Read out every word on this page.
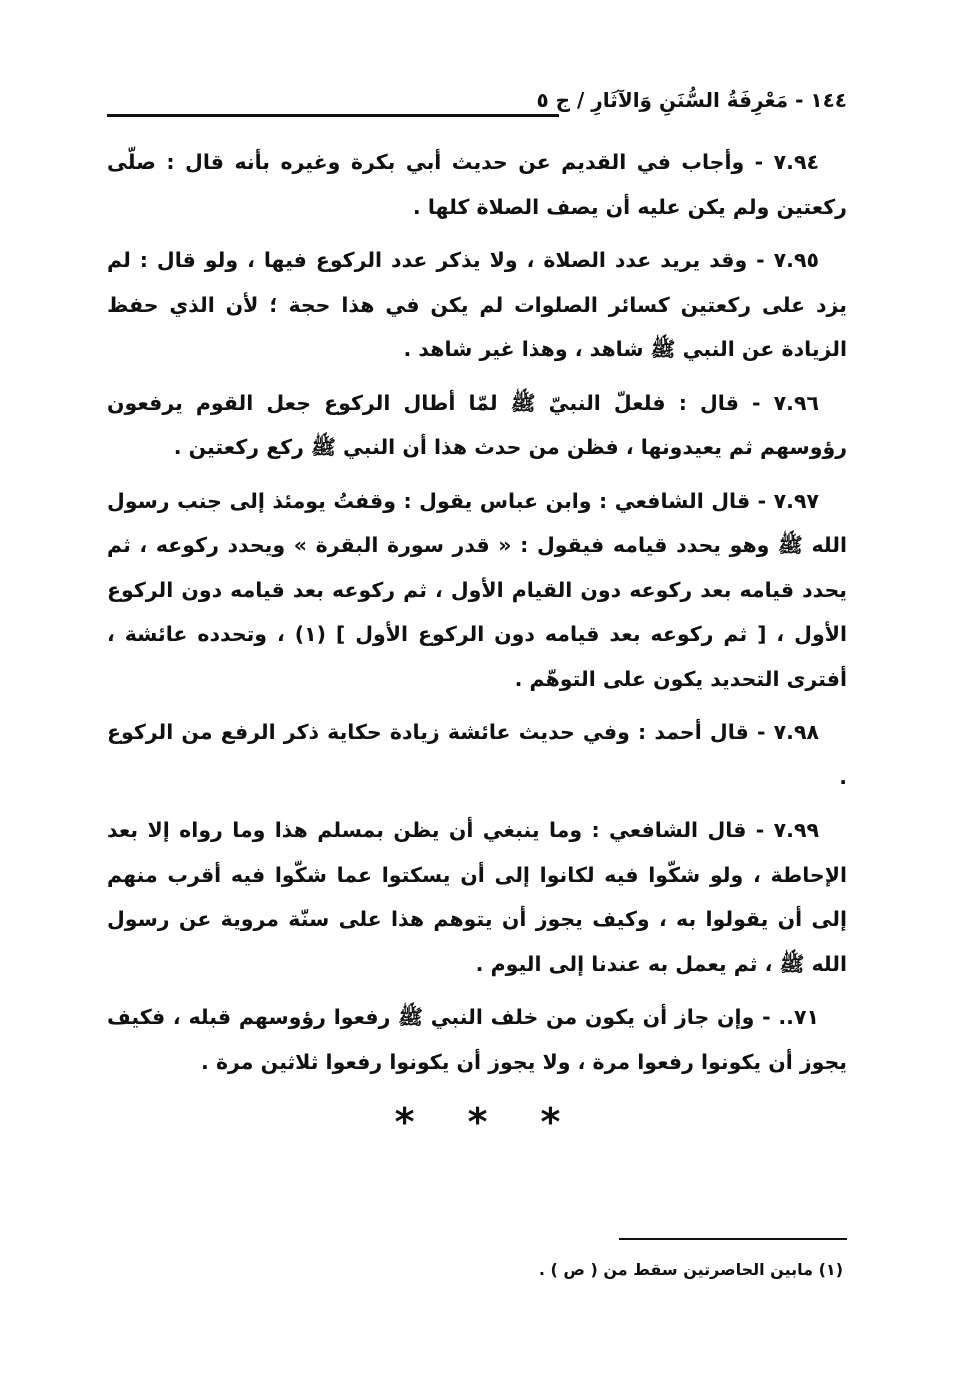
١٤٤ - مَعْرِفَةُ السُّنَنِ وَالآثَارِ / ج ٥

٧.٩٤ - وأجاب في القديم عن حديث أبي بكرة وغيره بأنه قال : صلّى ركعتين ولم يكن عليه أن يصف الصلاة كلها .

٧.٩٥ - وقد يريد عدد الصلاة ، ولا يذكر عدد الركوع فيها ، ولو قال : لم يزد على ركعتين كسائر الصلوات لم يكن في هذا حجة ؛ لأن الذي حفظ الزيادة عن النبي ﷺ شاهد ، وهذا غير شاهد .

٧.٩٦ - قال : فلعلّ النبيّ ﷺ لمّا أطال الركوع جعل القوم يرفعون رؤوسهم ثم يعيدونها ، فظن من حدث هذا أن النبي ﷺ ركع ركعتين .

٧.٩٧ - قال الشافعي : وابن عباس يقول : وقفتُ يومئذ إلى جنب رسول الله ﷺ وهو يحدد قيامه فيقول : « قدر سورة البقرة » ويحدد ركوعه ، ثم يحدد قيامه بعد ركوعه دون القيام الأول ، ثم ركوعه بعد قيامه دون الركوع الأول ، [ ثم ركوعه بعد قيامه دون الركوع الأول ] (١) ، وتحدده عائشة ، أفترى التحديد يكون على التوهّم .

٧.٩٨ - قال أحمد : وفي حديث عائشة زيادة حكاية ذكر الرفع من الركوع .

٧.٩٩ - قال الشافعي : وما ينبغي أن يظن بمسلم هذا وما رواه إلا بعد الإحاطة ، ولو شكّوا فيه لكانوا إلى أن يسكتوا عما شكّوا فيه أقرب منهم إلى أن يقولوا به ، وكيف يجوز أن يتوهم هذا على سنّة مروية عن رسول الله ﷺ ، ثم يعمل به عندنا إلى اليوم .

٧١.. - وإن جاز أن يكون من خلف النبي ﷺ رفعوا رؤوسهم قبله ، فكيف يجوز أن يكونوا رفعوا مرة ، ولا يجوز أن يكونوا رفعوا ثلاثين مرة .

* * *
(١) مابين الحاصرتين سقط من ( ص ) .
